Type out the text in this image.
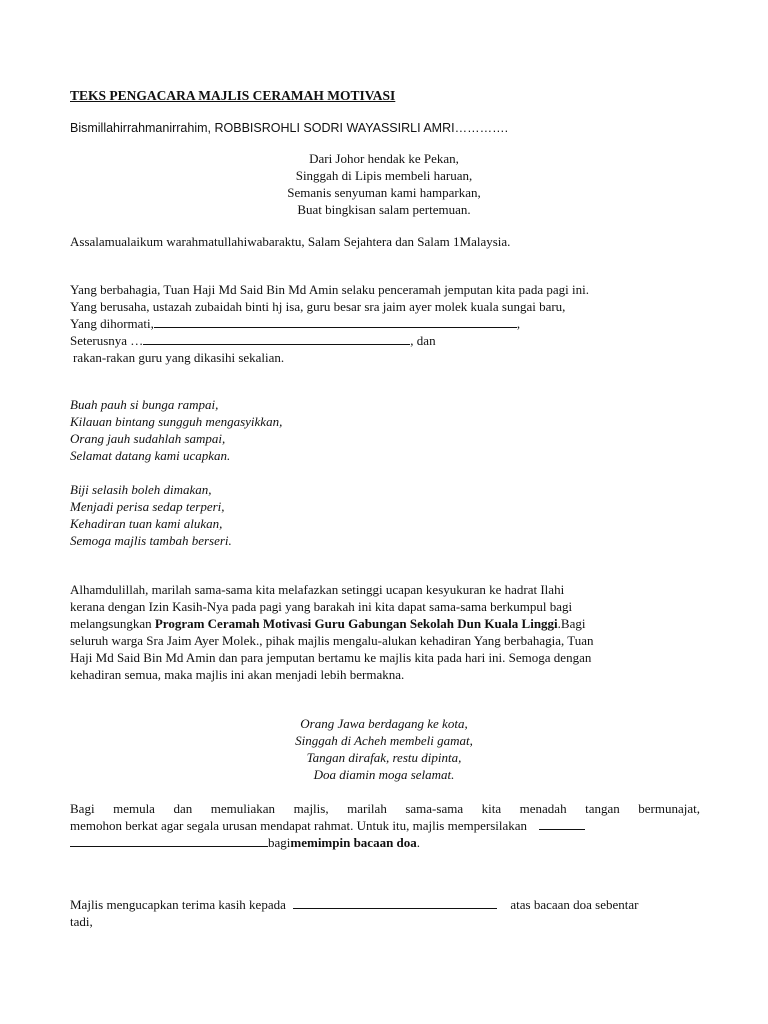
TEKS PENGACARA MAJLIS CERAMAH MOTIVASI
Bismillahirrahmanirrahim, ROBBISROHLI SODRI WAYASSIRLI AMRI………….
Dari Johor hendak ke Pekan,
Singgah di Lipis membeli haruan,
Semanis senyuman kami hamparkan,
Buat bingkisan salam pertemuan.
Assalamualaikum warahmatullahiwabaraktu, Salam Sejahtera dan Salam 1Malaysia.
Yang berbahagia, Tuan Haji Md Said Bin Md Amin selaku penceramah jemputan kita pada pagi ini.
Yang berusaha, ustazah zubaidah binti hj isa, guru besar sra jaim ayer molek kuala sungai baru,
Yang dihormati,	,
Seterusnya …	, dan
rakan-rakan guru yang dikasihi sekalian.
Buah pauh si bunga rampai,
Kilauan bintang sungguh mengasyikkan,
Orang jauh sudahlah sampai,
Selamat datang kami ucapkan.
Biji selasih boleh dimakan,
Menjadi perisa sedap terperi,
Kehadiran tuan kami alukan,
Semoga majlis tambah berseri.
Alhamdulillah, marilah sama-sama kita melafazkan setinggi ucapan kesyukuran ke hadrat Ilahi
kerana dengan Izin Kasih-Nya pada pagi yang barakah ini kita dapat sama-sama berkumpul bagi
melangsungkan Program Ceramah Motivasi Guru Gabungan Sekolah Dun Kuala Linggi.Bagi
seluruh warga Sra Jaim Ayer Molek., pihak majlis mengalu-alukan kehadiran Yang berbahagia, Tuan
Haji Md Said Bin Md Amin dan para jemputan bertamu ke majlis kita pada hari ini. Semoga dengan
kehadiran semua, maka majlis ini akan menjadi lebih bermakna.
Orang Jawa berdagang ke kota,
Singgah di Acheh membeli gamat,
Tangan dirafak, restu dipinta,
Doa diamin moga selamat.
Bagi memula dan memuliakan majlis, marilah sama-sama kita menadah tangan bermunajat,
memohon berkat agar segala urusan mendapat rahmat. Untuk itu, majlis mempersilakan
bagi memimpin bacaan doa .
Majlis mengucapkan terima kasih kepada	atas bacaan doa sebentar
tadi,
